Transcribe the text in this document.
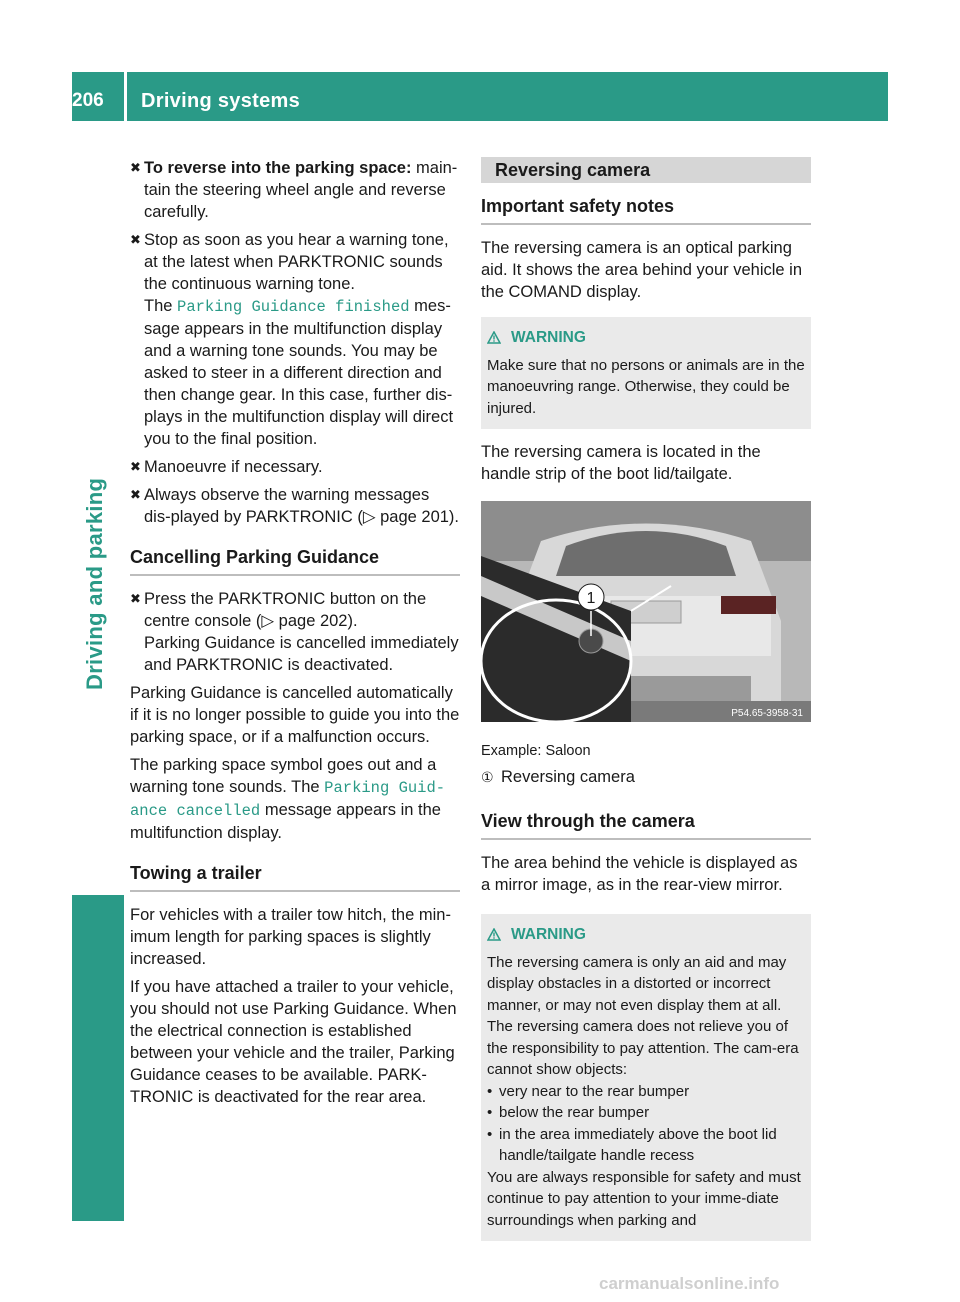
206 Driving systems
Driving and parking
✖ To reverse into the parking space: main-tain the steering wheel angle and reverse carefully.
✖ Stop as soon as you hear a warning tone, at the latest when PARKTRONIC sounds the continuous warning tone.
The Parking Guidance finished mes-sage appears in the multifunction display and a warning tone sounds. You may be asked to steer in a different direction and then change gear. In this case, further dis-plays in the multifunction display will direct you to the final position.
✖ Manoeuvre if necessary.
✖ Always observe the warning messages dis-played by PARKTRONIC (▷ page 201).
Cancelling Parking Guidance
✖ Press the PARKTRONIC button on the centre console (▷ page 202).
Parking Guidance is cancelled immediately and PARKTRONIC is deactivated.

Parking Guidance is cancelled automatically if it is no longer possible to guide you into the parking space, or if a malfunction occurs.

The parking space symbol goes out and a warning tone sounds. The Parking Guid‐ ance cancelled message appears in the multifunction display.

Towing a trailer

For vehicles with a trailer tow hitch, the min-imum length for parking spaces is slightly increased.

If you have attached a trailer to your vehicle, you should not use Parking Guidance. When the electrical connection is established between your vehicle and the trailer, Parking Guidance ceases to be available. PARK-TRONIC is deactivated for the rear area.

Reversing camera
Important safety notes

The reversing camera is an optical parking aid. It shows the area behind your vehicle in the COMAND display.

WARNING
Make sure that no persons or animals are in the manoeuvring range. Otherwise, they could be injured.

The reversing camera is located in the handle strip of the boot lid/tailgate.

1
P54.65-3958-31
Example: Saloon
① Reversing camera
View through the camera

The area behind the vehicle is displayed as a mirror image, as in the rear-view mirror.

WARNING
The reversing camera is only an aid and may display obstacles in a distorted or incorrect manner, or may not even display them at all. The reversing camera does not relieve you of the responsibility to pay attention. The cam-era cannot show objects:
• very near to the rear bumper
• below the rear bumper
• in the area immediately above the boot lid handle/tailgate handle recess
You are always responsible for safety and must continue to pay attention to your imme-diate surroundings when parking and
carmanualsonline.info
